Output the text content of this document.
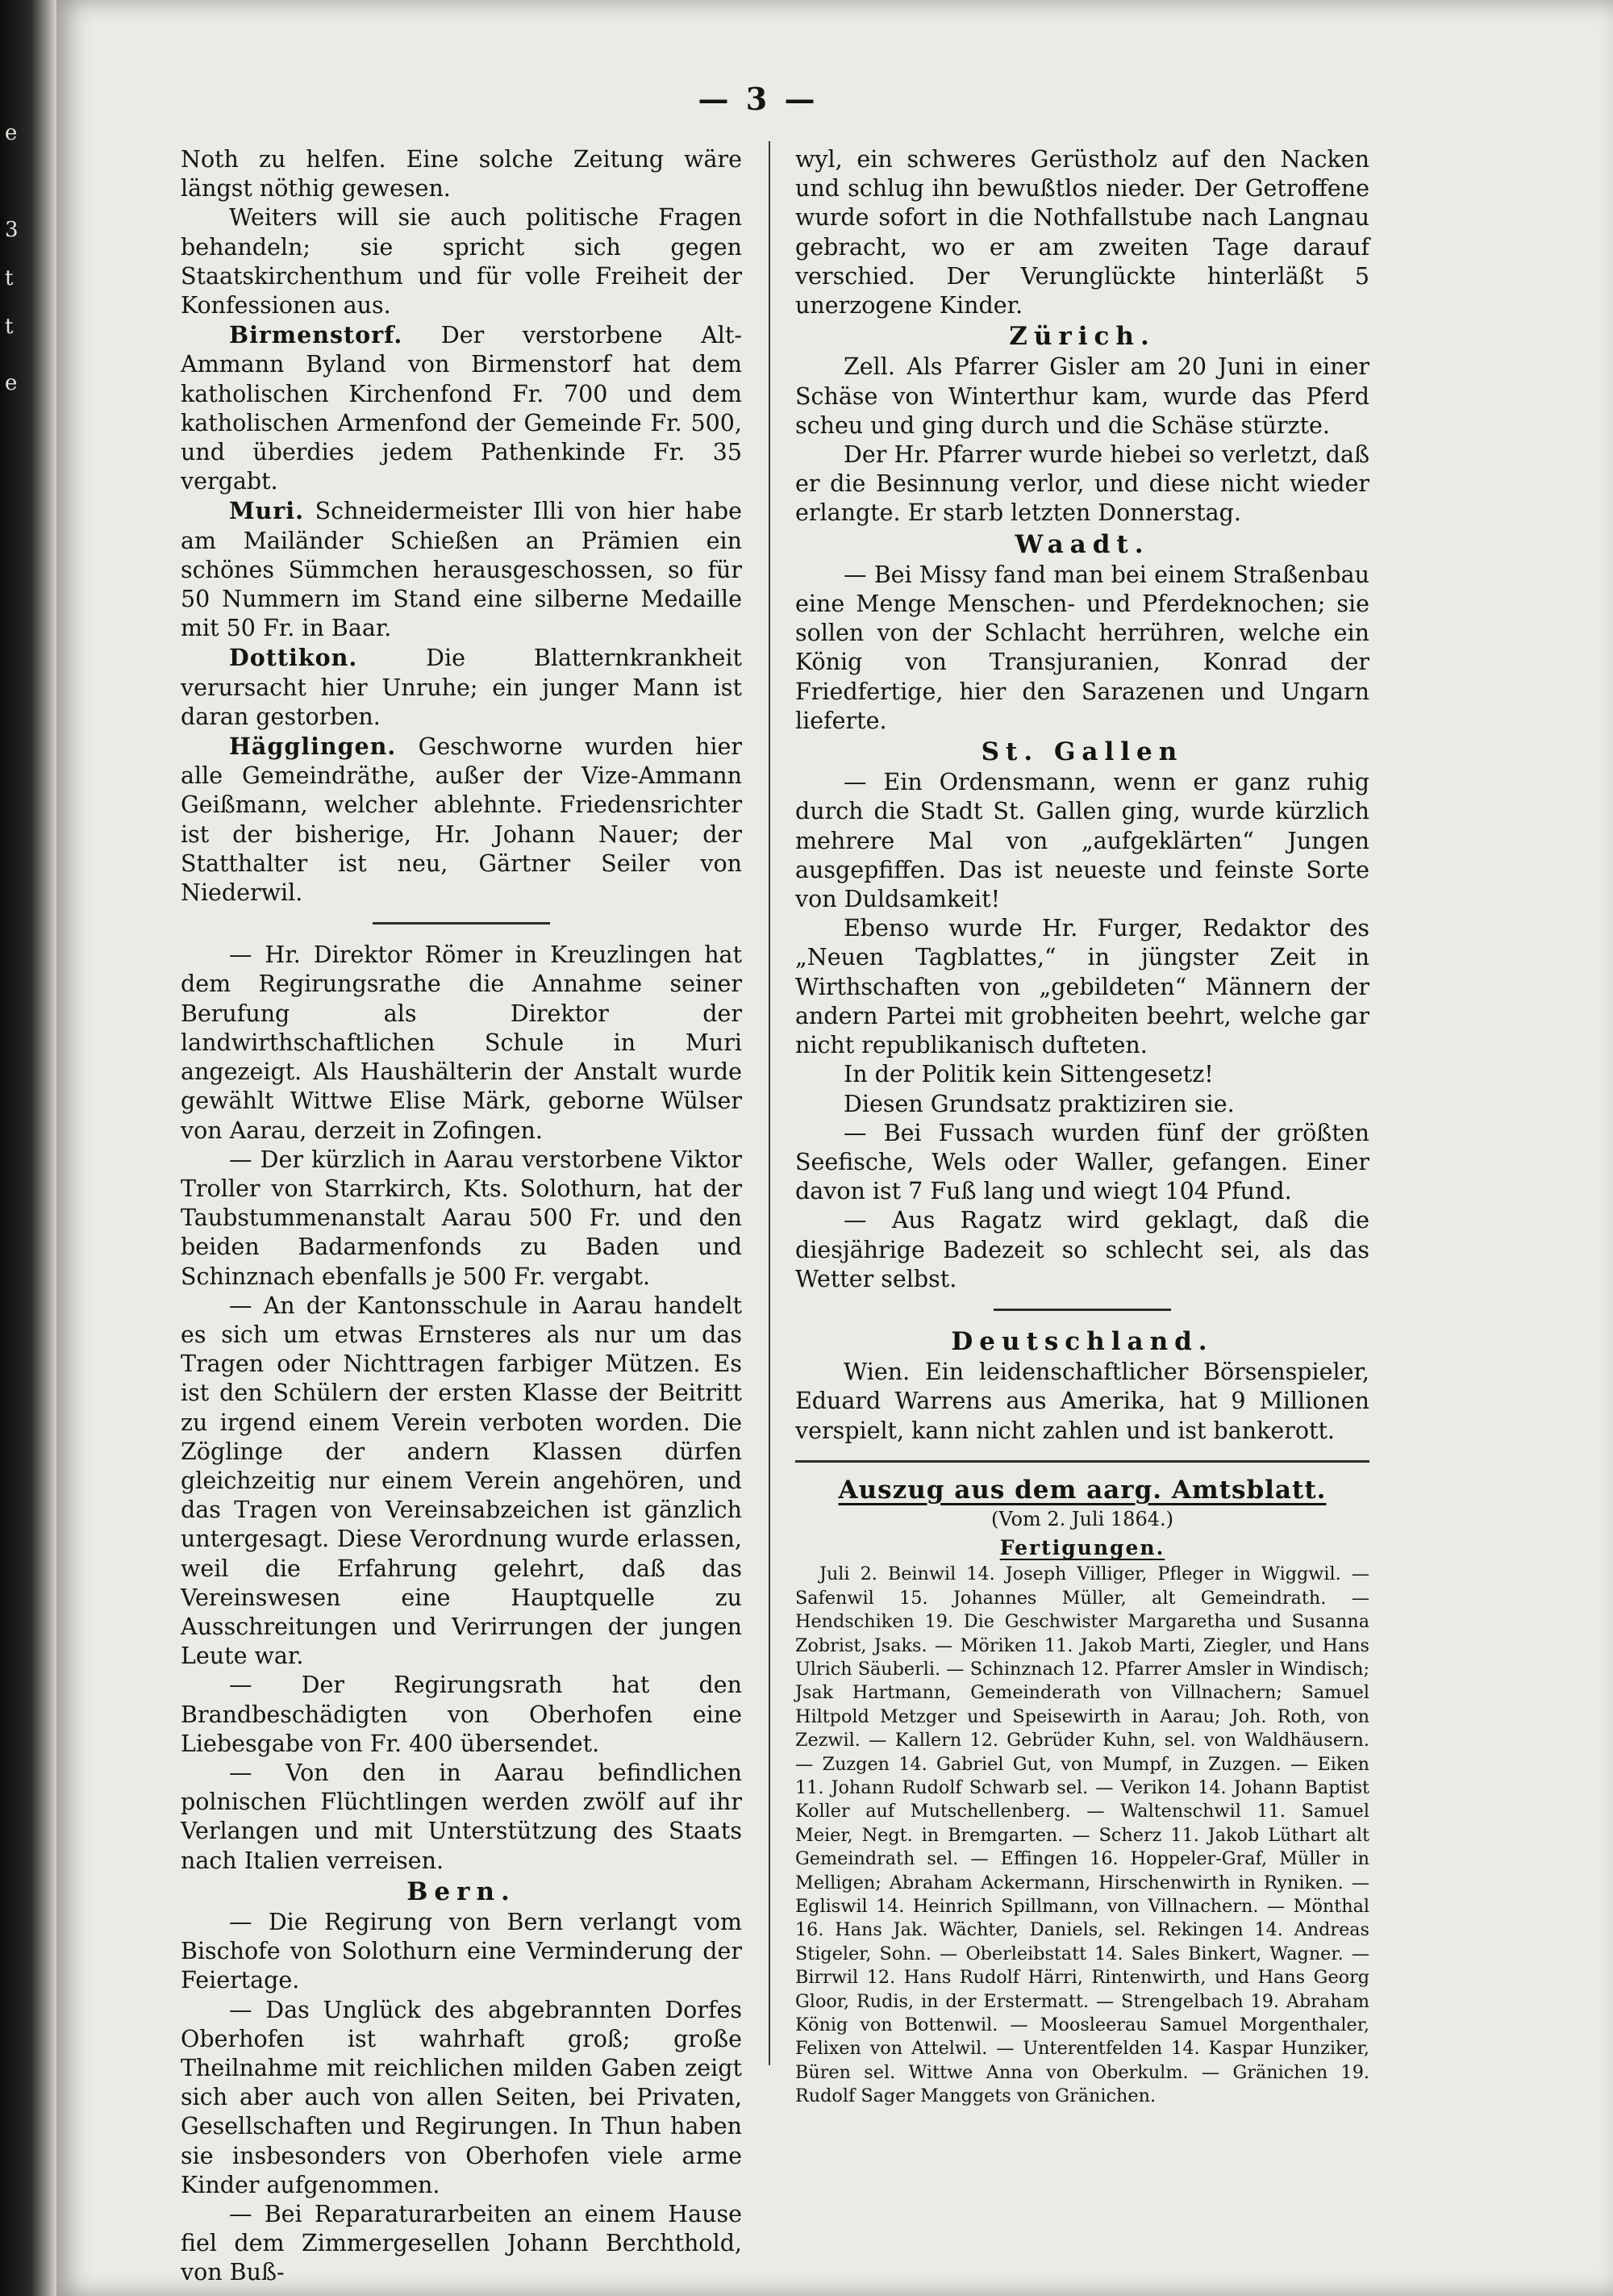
— 3 —

Noth zu helfen. Eine solche Zeitung wäre längst nöthig gewesen.

Weiters will sie auch politische Fragen behandeln; sie spricht sich gegen Staatskirchenthum und für volle Freiheit der Konfessionen aus.

Birmenstorf. Der verstorbene Alt-Ammann Byland von Birmenstorf hat dem katholischen Kirchenfond Fr. 700 und dem katholischen Armenfond der Gemeinde Fr. 500, und überdies jedem Pathenkinde Fr. 35 vergabt.

Muri. Schneidermeister Illi von hier habe am Mailänder Schießen an Prämien ein schönes Sümmchen herausgeschossen, so für 50 Nummern im Stand eine silberne Medaille mit 50 Fr. in Baar.

Dottikon. Die Blatternkrankheit verursacht hier Unruhe; ein junger Mann ist daran gestorben.

Hägglingen. Geschworne wurden hier alle Gemeindräthe, außer der Vize-Ammann Geißmann, welcher ablehnte. Friedensrichter ist der bisherige, Hr. Johann Nauer; der Statthalter ist neu, Gärtner Seiler von Niederwil.

— Hr. Direktor Römer in Kreuzlingen hat dem Regirungsrathe die Annahme seiner Berufung als Direktor der landwirthschaftlichen Schule in Muri angezeigt. Als Haushälterin der Anstalt wurde gewählt Wittwe Elise Märk, geborne Wülser von Aarau, derzeit in Zofingen.

— Der kürzlich in Aarau verstorbene Viktor Troller von Starrkirch, Kts. Solothurn, hat der Taubstummenanstalt Aarau 500 Fr. und den beiden Badarmenfonds zu Baden und Schinznach ebenfalls je 500 Fr. vergabt.

— An der Kantonsschule in Aarau handelt es sich um etwas Ernsteres als nur um das Tragen oder Nichttragen farbiger Mützen. Es ist den Schülern der ersten Klasse der Beitritt zu irgend einem Verein verboten worden. Die Zöglinge der andern Klassen dürfen gleichzeitig nur einem Verein angehören, und das Tragen von Vereinsabzeichen ist gänzlich untergesagt. Diese Verordnung wurde erlassen, weil die Erfahrung gelehrt, daß das Vereinswesen eine Hauptquelle zu Ausschreitungen und Verirrungen der jungen Leute war.

— Der Regirungsrath hat den Brandbeschädigten von Oberhofen eine Liebesgabe von Fr. 400 übersendet.

— Von den in Aarau befindlichen polnischen Flüchtlingen werden zwölf auf ihr Verlangen und mit Unterstützung des Staats nach Italien verreisen.

Bern.

— Die Regirung von Bern verlangt vom Bischofe von Solothurn eine Verminderung der Feiertage.

— Das Unglück des abgebrannten Dorfes Oberhofen ist wahrhaft groß; große Theilnahme mit reichlichen milden Gaben zeigt sich aber auch von allen Seiten, bei Privaten, Gesellschaften und Regirungen. In Thun haben sie insbesonders von Oberhofen viele arme Kinder aufgenommen.

— Bei Reparaturarbeiten an einem Hause fiel dem Zimmergesellen Johann Berchthold, von Buß-

wyl, ein schweres Gerüstholz auf den Nacken und schlug ihn bewußtlos nieder. Der Getroffene wurde sofort in die Nothfallstube nach Langnau gebracht, wo er am zweiten Tage darauf verschied. Der Verunglückte hinterläßt 5 unerzogene Kinder.

Zürich.

Zell. Als Pfarrer Gisler am 20 Juni in einer Schäse von Winterthur kam, wurde das Pferd scheu und ging durch und die Schäse stürzte.

Der Hr. Pfarrer wurde hiebei so verletzt, daß er die Besinnung verlor, und diese nicht wieder erlangte. Er starb letzten Donnerstag.

Waadt.

— Bei Missy fand man bei einem Straßenbau eine Menge Menschen- und Pferdeknochen; sie sollen von der Schlacht herrühren, welche ein König von Transjuranien, Konrad der Friedfertige, hier den Sarazenen und Ungarn lieferte.

St. Gallen

— Ein Ordensmann, wenn er ganz ruhig durch die Stadt St. Gallen ging, wurde kürzlich mehrere Mal von „aufgeklärten“ Jungen ausgepfiffen. Das ist neueste und feinste Sorte von Duldsamkeit!

Ebenso wurde Hr. Furger, Redaktor des „Neuen Tagblattes,“ in jüngster Zeit in Wirthschaften von „gebildeten“ Männern der andern Partei mit grobheiten beehrt, welche gar nicht republikanisch dufteten.

In der Politik kein Sittengesetz!

Diesen Grundsatz praktiziren sie.

— Bei Fussach wurden fünf der größten Seefische, Wels oder Waller, gefangen. Einer davon ist 7 Fuß lang und wiegt 104 Pfund.

— Aus Ragatz wird geklagt, daß die diesjährige Badezeit so schlecht sei, als das Wetter selbst.

Deutschland.

Wien. Ein leidenschaftlicher Börsenspieler, Eduard Warrens aus Amerika, hat 9 Millionen verspielt, kann nicht zahlen und ist bankerott.

Auszug aus dem aarg. Amtsblatt.
(Vom 2. Juli 1864.)
Fertigungen.

Juli 2. Beinwil 14. Joseph Villiger, Pfleger in Wiggwil. — Safenwil 15. Johannes Müller, alt Gemeindrath. — Hendschiken 19. Die Geschwister Margaretha und Susanna Zobrist, Jsaks. — Möriken 11. Jakob Marti, Ziegler, und Hans Ulrich Säuberli. — Schinznach 12. Pfarrer Amsler in Windisch; Jsak Hartmann, Gemeinderath von Villnachern; Samuel Hiltpold Metzger und Speisewirth in Aarau; Joh. Roth, von Zezwil. — Kallern 12. Gebrüder Kuhn, sel. von Waldhäusern. — Zuzgen 14. Gabriel Gut, von Mumpf, in Zuzgen. — Eiken 11. Johann Rudolf Schwarb sel. — Verikon 14. Johann Baptist Koller auf Mutschellenberg. — Waltenschwil 11. Samuel Meier, Negt. in Bremgarten. — Scherz 11. Jakob Lüthart alt Gemeindrath sel. — Effingen 16. Hoppeler-Graf, Müller in Melligen; Abraham Ackermann, Hirschenwirth in Ryniken. — Egliswil 14. Heinrich Spillmann, von Villnachern. — Mönthal 16. Hans Jak. Wächter, Daniels, sel. Rekingen 14. Andreas Stigeler, Sohn. — Oberleibstatt 14. Sales Binkert, Wagner. — Birrwil 12. Hans Rudolf Härri, Rintenwirth, und Hans Georg Gloor, Rudis, in der Erstermatt. — Strengelbach 19. Abraham König von Bottenwil. — Moosleerau Samuel Morgenthaler, Felixen von Attelwil. — Unterentfelden 14. Kaspar Hunziker, Büren sel. Wittwe Anna von Oberkulm. — Gränichen 19. Rudolf Sager Manggets von Gränichen.

e
3
t
t
e
